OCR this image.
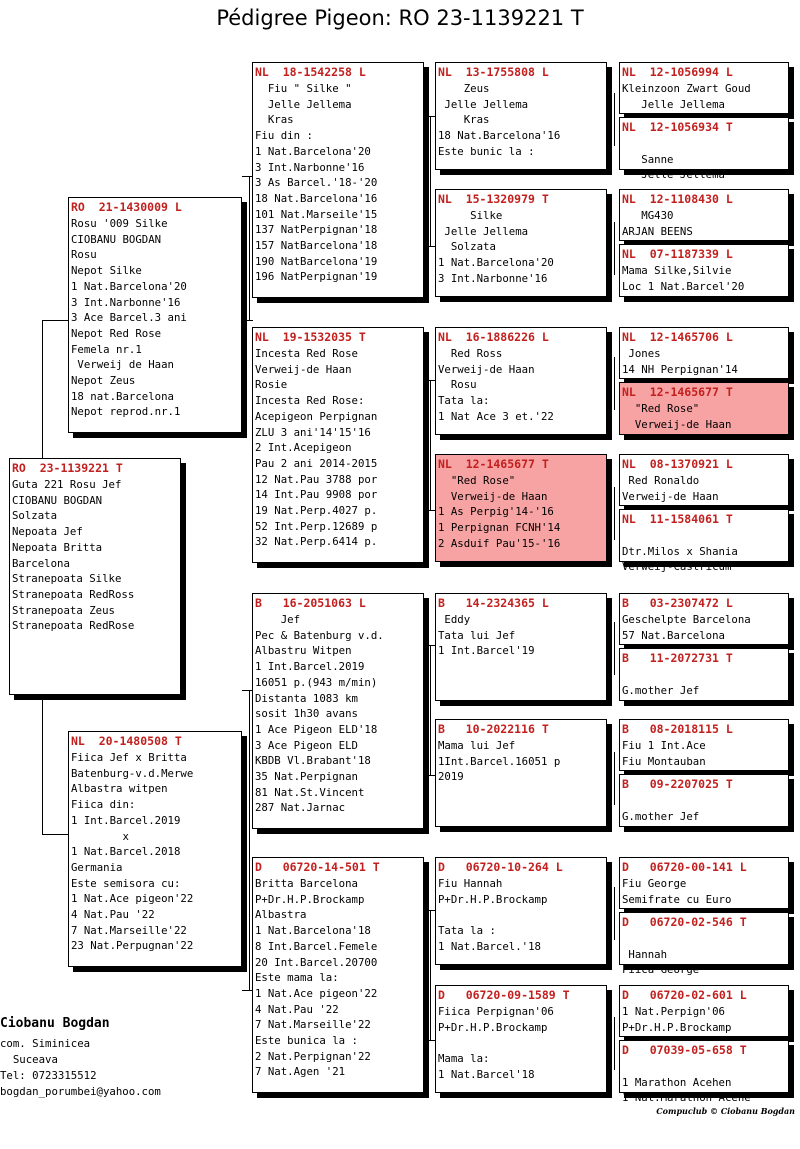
Pédigree Pigeon: RO 23-1139221 T
RO  23-1139221 T
Guta 221 Rosu Jef
CIOBANU BOGDAN
Solzata
Nepoata Jef
Nepoata Britta
Barcelona
Stranepoata Silke
Stranepoata RedRoss
Stranepoata Zeus
Stranepoata RedRose
RO  21-1430009 L
Rosu '009 Silke
CIOBANU BOGDAN
Rosu
Nepot Silke
1 Nat.Barcelona'20
3 Int.Narbonne'16
3 Ace Barcel.3 ani
Nepot Red Rose
Femela nr.1
Verweij de Haan
Nepot Zeus
18 nat.Barcelona
Nepot reprod.nr.1
NL  20-1480508 T
Fiica Jef x Britta
Batenburg-v.d.Merwe
Albastra witpen
Fiica din:
1 Int.Barcel.2019
x
1 Nat.Barcel.2018
Germania
Este semisora cu:
1 Nat.Ace pigeon'22
4 Nat.Pau '22
7 Nat.Marseille'22
23 Nat.Perpugnan'22
NL  18-1542258 L
Fiu " Silke "
Jelle Jellema
Kras
Fiu din :
1 Nat.Barcelona'20
3 Int.Narbonne'16
3 As Barcel.'18-'20
18 Nat.Barcelona'16
101 Nat.Marseile'15
137 NatPerpignan'18
157 NatBarcelona'18
190 NatBarcelona'19
196 NatPerpignan'19
NL  19-1532035 T
Incesta Red Rose
Verweij-de Haan
Rosie
Incesta Red Rose:
Acepigeon Perpignan
ZLU 3 ani'14'15'16
2 Int.Acepigeon
Pau 2 ani 2014-2015
12 Nat.Pau 3788 por
14 Int.Pau 9908 por
19 Nat.Perp.4027 p.
52 Int.Perp.12689 p
32 Nat.Perp.6414 p.
B   16-2051063 L
Jef
Pec & Batenburg v.d.
Albastru Witpen
1 Int.Barcel.2019
16051 p.(943 m/min)
Distanta 1083 km
sosit 1h30 avans
1 Ace Pigeon ELD'18
3 Ace Pigeon ELD
KBDB Vl.Brabant'18
35 Nat.Perpignan
81 Nat.St.Vincent
287 Nat.Jarnac
D   06720-14-501 T
Britta Barcelona
P+Dr.H.P.Brockamp
Albastra
1 Nat.Barcelona'18
8 Int.Barcel.Femele
20 Int.Barcel.20700
Este mama la:
1 Nat.Ace pigeon'22
4 Nat.Pau '22
7 Nat.Marseille'22
Este bunica la :
2 Nat.Perpignan'22
7 Nat.Agen '21
NL  13-1755808 L
Zeus
Jelle Jellema
Kras
18 Nat.Barcelona'16
Este bunic la :
NL  15-1320979 T
Silke
Jelle Jellema
Solzata
1 Nat.Barcelona'20
3 Int.Narbonne'16
NL  16-1886226 L
Red Ross
Verweij-de Haan
Rosu
Tata la:
1 Nat Ace 3 et.'22
NL  12-1465677 T
"Red Rose"
Verweij-de Haan
1 As Perpig'14-'16
1 Perpignan FCNH'14
2 Asduif Pau'15-'16
B   14-2324365 L
Eddy
Tata lui Jef
1 Int.Barcel'19
B   10-2022116 T
Mama lui Jef
1Int.Barcel.16051 p
2019
D   06720-10-264 L
Fiu Hannah
P+Dr.H.P.Brockamp

Tata la :
1 Nat.Barcel.'18
D   06720-09-1589 T
Fiica Perpignan'06
P+Dr.H.P.Brockamp

Mama la:
1 Nat.Barcel'18
NL  12-1056994 L
Kleinzoon Zwart Goud
Jelle Jellema
NL  12-1056934 T

Sanne
Jelle Jellema
NL  12-1108430 L
MG430
ARJAN BEENS
NL  07-1187339 L
Mama Silke,Silvie
Loc 1 Nat.Barcel'20
NL  12-1465706 L
Jones
14 NH Perpignan'14
NL  12-1465677 T
"Red Rose"
Verweij-de Haan
NL  08-1370921 L
Red Ronaldo
Verweij-de Haan
NL  11-1584061 T

Dtr.Milos x Shania
Verweij-Castricum
B   03-2307472 L
Geschelpte Barcelona
57 Nat.Barcelona
B   11-2072731 T

G.mother Jef
B   08-2018115 L
Fiu 1 Int.Ace
Fiu Montauban
B   09-2207025 T

G.mother Jef
D   06720-00-141 L
Fiu George
Semifrate cu Euro
D   06720-02-546 T

Hannah
Fiica George
D   06720-02-601 L
1 Nat.Perpign'06
P+Dr.H.P.Brockamp
D   07039-05-658 T

1 Marathon Acehen
1 Nat.Marathon Acehe
Ciobanu Bogdan
com. Siminicea
Suceava
Tel: 0723315512
bogdan_porumbei@yahoo.com
Compuclub © Ciobanu Bogdan
